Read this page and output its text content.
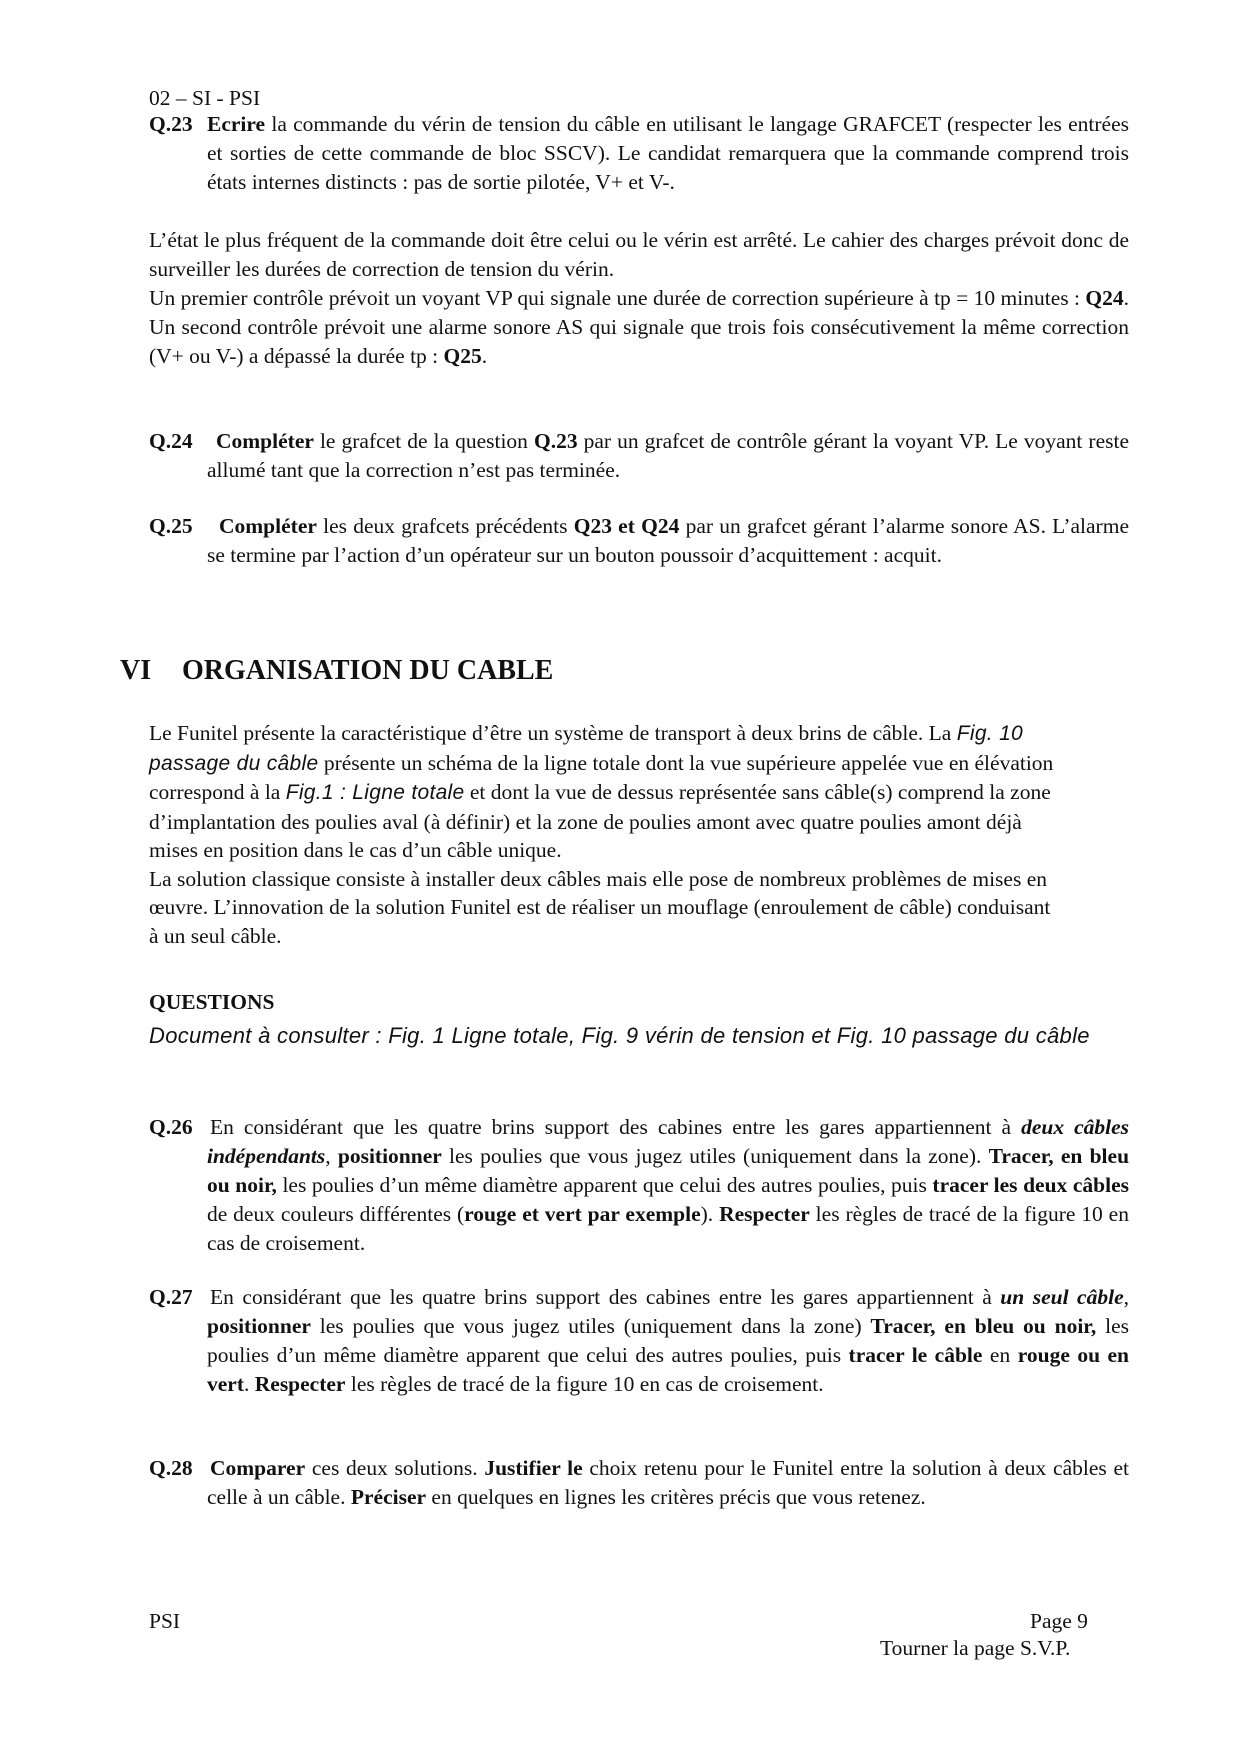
02 – SI - PSI
Q.23 Ecrire la commande du vérin de tension du câble en utilisant le langage GRAFCET (respecter les entrées et sorties de cette commande de bloc SSCV). Le candidat remarquera que la commande comprend trois états internes distincts : pas de sortie pilotée, V+ et V-.
L’état le plus fréquent de la commande doit être celui ou le vérin est arrêté. Le cahier des charges prévoit donc de surveiller les durées de correction de tension du vérin.
Un premier contrôle prévoit un voyant VP qui signale une durée de correction supérieure à tp = 10 minutes : Q24.
Un second contrôle prévoit une alarme sonore AS qui signale que trois fois consécutivement la même correction (V+ ou V-) a dépassé la durée tp : Q25.
Q.24	Compléter le grafcet de la question Q.23 par un grafcet de contrôle gérant la voyant VP. Le voyant reste allumé tant que la correction n’est pas terminée.
Q.25	Compléter les deux grafcets précédents Q23 et Q24 par un grafcet gérant l’alarme sonore AS. L’alarme se termine par l’action d’un opérateur sur un bouton poussoir d’acquittement : acquit.
VI ORGANISATION DU CABLE
Le Funitel présente la caractéristique d’être un système de transport à deux brins de câble. La Fig. 10 passage du câble présente un schéma de la ligne totale dont la vue supérieure appelée vue en élévation correspond à la Fig.1 : Ligne totale et dont la vue de dessus représentée sans câble(s) comprend la zone d’implantation des poulies aval (à définir) et la zone de poulies amont avec quatre poulies amont déjà mises en position dans le cas d’un câble unique.
La solution classique consiste à installer deux câbles mais elle pose de nombreux problèmes de mises en œuvre. L’innovation de la solution Funitel est de réaliser un mouflage (enroulement de câble) conduisant à un seul câble.
QUESTIONS
Document à consulter : Fig. 1 Ligne totale, Fig. 9 vérin de tension et Fig. 10 passage du câble
Q.26 En considérant que les quatre brins support des cabines entre les gares appartiennent à deux câbles indépendants, positionner les poulies que vous jugez utiles (uniquement dans la zone). Tracer, en bleu ou noir, les poulies d’un même diamètre apparent que celui des autres poulies, puis tracer les deux câbles de deux couleurs différentes (rouge et vert par exemple). Respecter les règles de tracé de la figure 10 en cas de croisement.
Q.27 En considérant que les quatre brins support des cabines entre les gares appartiennent à un seul câble, positionner les poulies que vous jugez utiles (uniquement dans la zone) Tracer, en bleu ou noir, les poulies d’un même diamètre apparent que celui des autres poulies, puis tracer le câble en rouge ou en vert. Respecter les règles de tracé de la figure 10 en cas de croisement.
Q.28 Comparer ces deux solutions. Justifier le choix retenu pour le Funitel entre la solution à deux câbles et celle à un câble. Préciser en quelques en lignes les critères précis que vous retenez.
PSI	Page 9
Tourner la page S.V.P.
